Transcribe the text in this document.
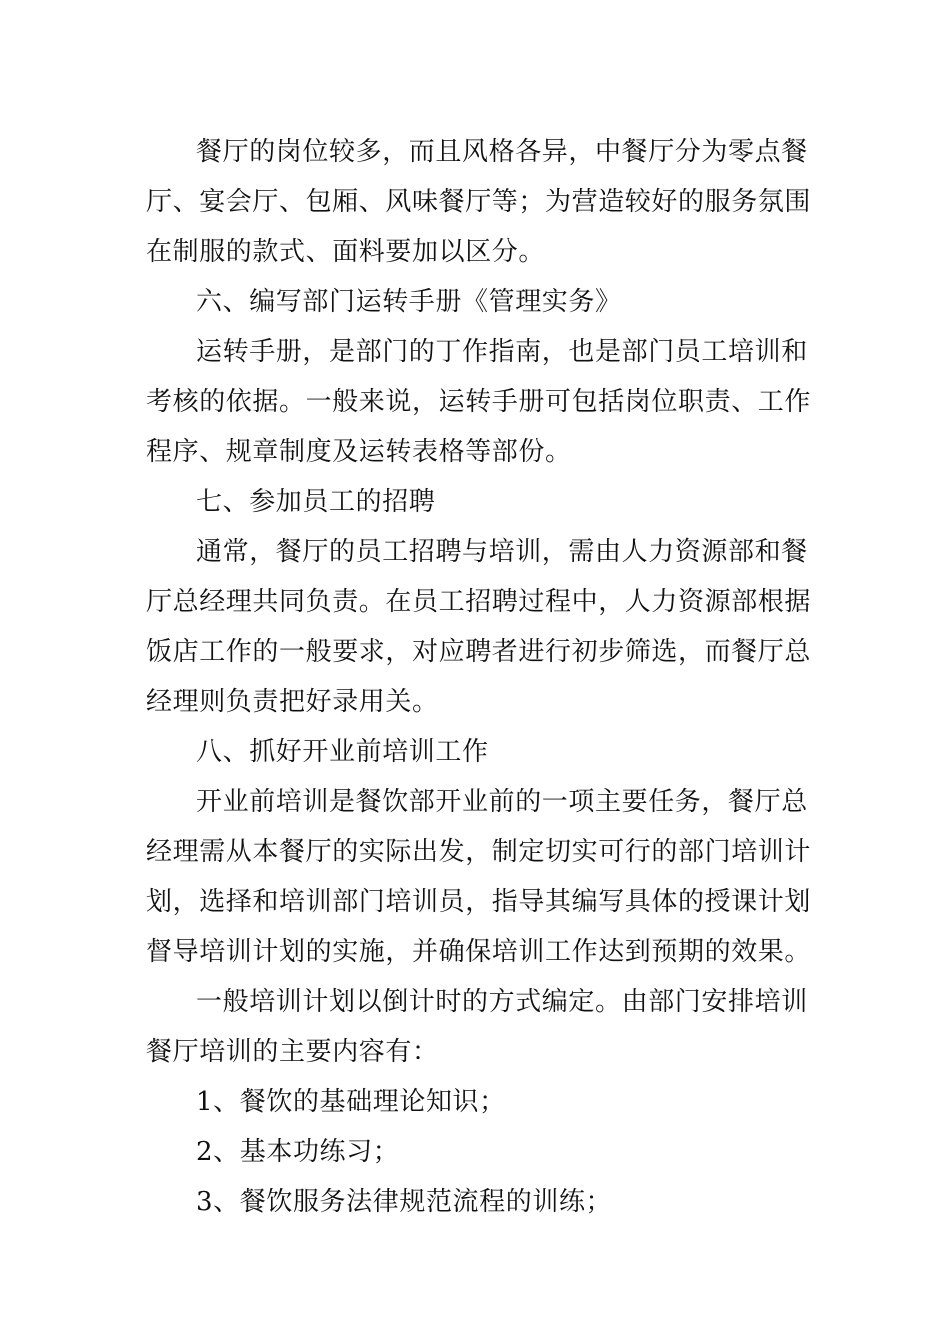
餐厅的岗位较多，而且风格各异，中餐厅分为零点餐
厅、宴会厅、包厢、风味餐厅等；为营造较好的服务氛围
在制服的款式、面料要加以区分。
六、编写部门运转手册《管理实务》
运转手册，是部门的丁作指南，也是部门员工培训和
考核的依据。一般来说，运转手册可包括岗位职责、工作
程序、规章制度及运转表格等部份。
七、参加员工的招聘
通常，餐厅的员工招聘与培训，需由人力资源部和餐
厅总经理共同负责。在员工招聘过程中，人力资源部根据
饭店工作的一般要求，对应聘者进行初步筛选，而餐厅总
经理则负责把好录用关。
八、抓好开业前培训工作
开业前培训是餐饮部开业前的一项主要任务，餐厅总
经理需从本餐厅的实际出发，制定切实可行的部门培训计
划，选择和培训部门培训员，指导其编写具体的授课计划
督导培训计划的实施，并确保培训工作达到预期的效果。
一般培训计划以倒计时的方式编定。由部门安排培训
餐厅培训的主要内容有：
1、餐饮的基础理论知识；
2、基本功练习；
3、餐饮服务法律规范流程的训练；
